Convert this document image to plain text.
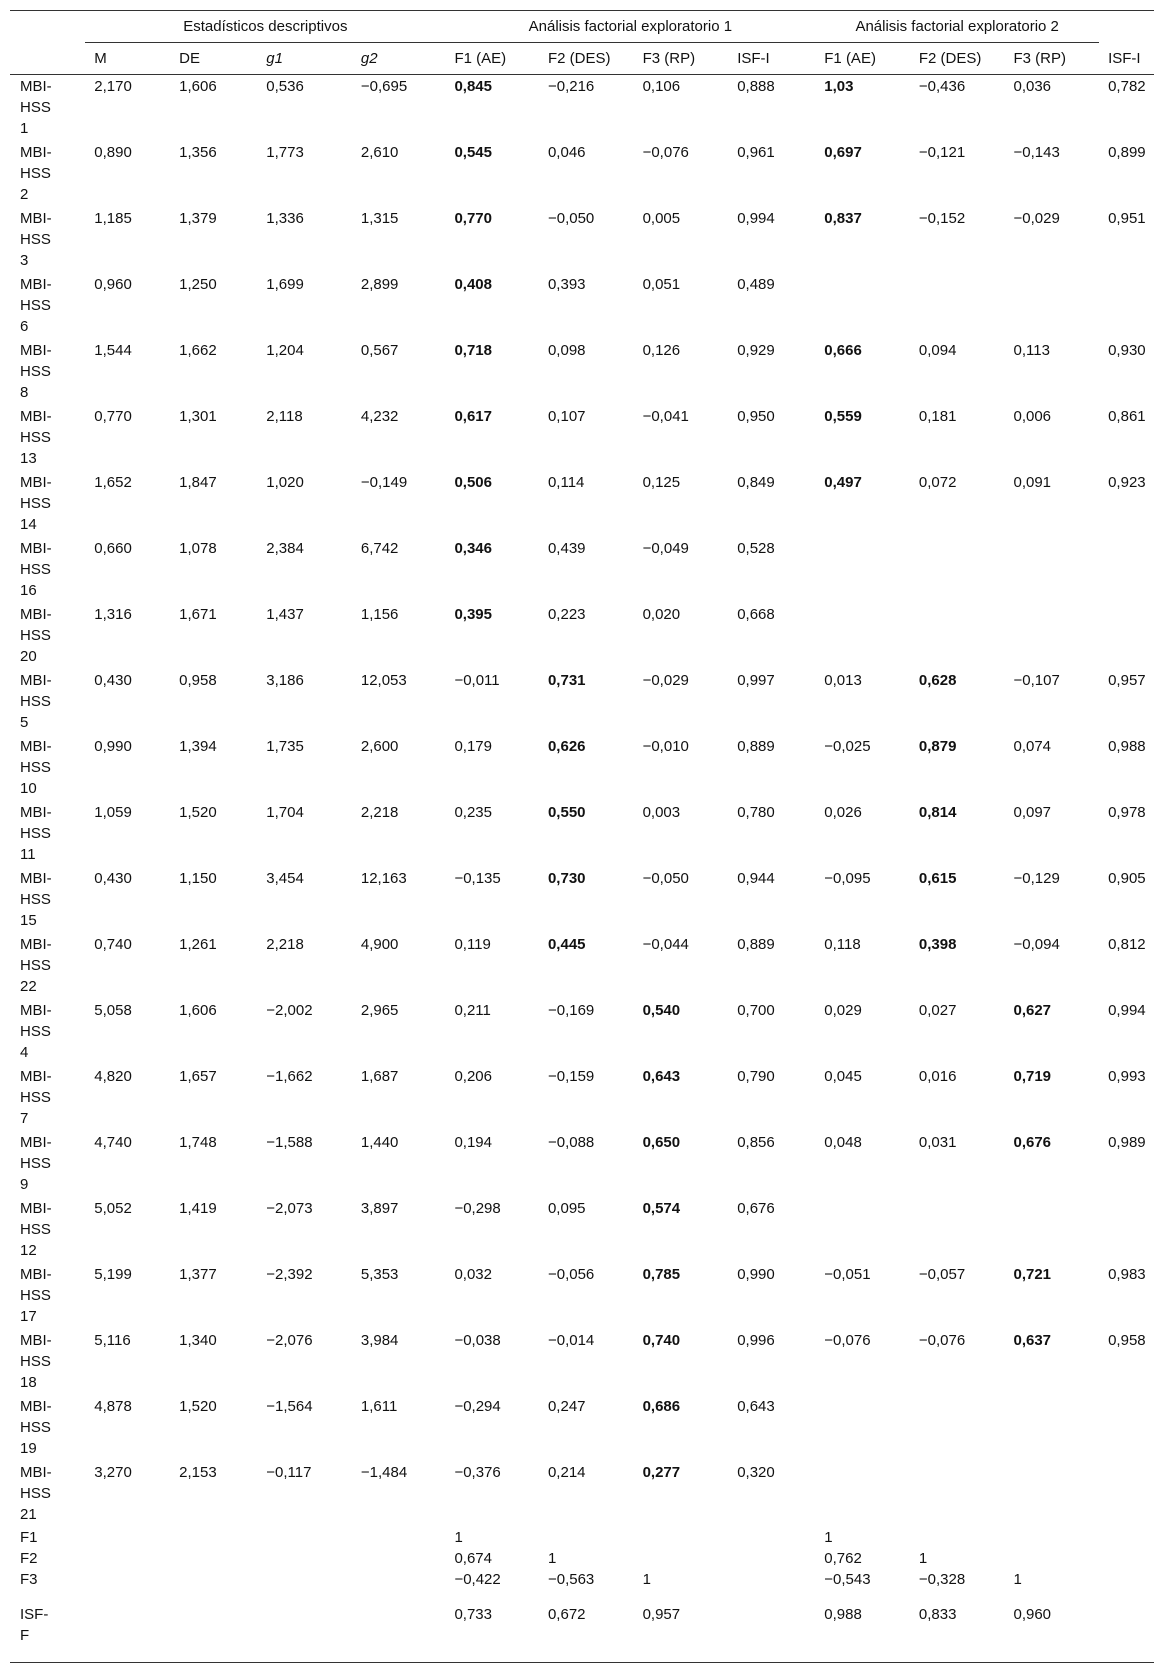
	Estadísticos descriptivos				Análisis factorial exploratorio 1				Análisis factorial exploratorio 2			
	M	DE	g1	g2	F1 (AE)	F2 (DES)	F3 (RP)	ISF-I	F1 (AE)	F2 (DES)	F3 (RP)	ISF-I

MBI-
HSS
1	2,170	1,606	0,536	−0,695	0,845	−0,216	0,106	0,888	1,03	−0,436	0,036	0,782

MBI-
HSS
2	0,890	1,356	1,773	2,610	0,545	0,046	−0,076	0,961	0,697	−0,121	−0,143	0,899

MBI-
HSS
3	1,185	1,379	1,336	1,315	0,770	−0,050	0,005	0,994	0,837	−0,152	−0,029	0,951

MBI-
HSS
6	0,960	1,250	1,699	2,899	0,408	0,393	0,051	0,489				

MBI-
HSS
8	1,544	1,662	1,204	0,567	0,718	0,098	0,126	0,929	0,666	0,094	0,113	0,930

MBI-
HSS
13	0,770	1,301	2,118	4,232	0,617	0,107	−0,041	0,950	0,559	0,181	0,006	0,861

MBI-
HSS
14	1,652	1,847	1,020	−0,149	0,506	0,114	0,125	0,849	0,497	0,072	0,091	0,923

MBI-
HSS
16	0,660	1,078	2,384	6,742	0,346	0,439	−0,049	0,528				

MBI-
HSS
20	1,316	1,671	1,437	1,156	0,395	0,223	0,020	0,668				

MBI-
HSS
5	0,430	0,958	3,186	12,053	−0,011	0,731	−0,029	0,997	0,013	0,628	−0,107	0,957

MBI-
HSS
10	0,990	1,394	1,735	2,600	0,179	0,626	−0,010	0,889	−0,025	0,879	0,074	0,988

MBI-
HSS
11	1,059	1,520	1,704	2,218	0,235	0,550	0,003	0,780	0,026	0,814	0,097	0,978

MBI-
HSS
15	0,430	1,150	3,454	12,163	−0,135	0,730	−0,050	0,944	−0,095	0,615	−0,129	0,905

MBI-
HSS
22	0,740	1,261	2,218	4,900	0,119	0,445	−0,044	0,889	0,118	0,398	−0,094	0,812

MBI-
HSS
4	5,058	1,606	−2,002	2,965	0,211	−0,169	0,540	0,700	0,029	0,027	0,627	0,994

MBI-
HSS
7	4,820	1,657	−1,662	1,687	0,206	−0,159	0,643	0,790	0,045	0,016	0,719	0,993

MBI-
HSS
9	4,740	1,748	−1,588	1,440	0,194	−0,088	0,650	0,856	0,048	0,031	0,676	0,989

MBI-
HSS
12	5,052	1,419	−2,073	3,897	−0,298	0,095	0,574	0,676				

MBI-
HSS
17	5,199	1,377	−2,392	5,353	0,032	−0,056	0,785	0,990	−0,051	−0,057	0,721	0,983

MBI-
HSS
18	5,116	1,340	−2,076	3,984	−0,038	−0,014	0,740	0,996	−0,076	−0,076	0,637	0,958

MBI-
HSS
19	4,878	1,520	−1,564	1,611	−0,294	0,247	0,686	0,643				

MBI-
HSS
21	3,270	2,153	−0,117	−1,484	−0,376	0,214	0,277	0,320				

F1					1				1			

F2					0,674	1			0,762	1		

F3					−0,422	−0,563	1		−0,543	−0,328	1	

ISF-
F					0,733	0,672	0,957		0,988	0,833	0,960	
